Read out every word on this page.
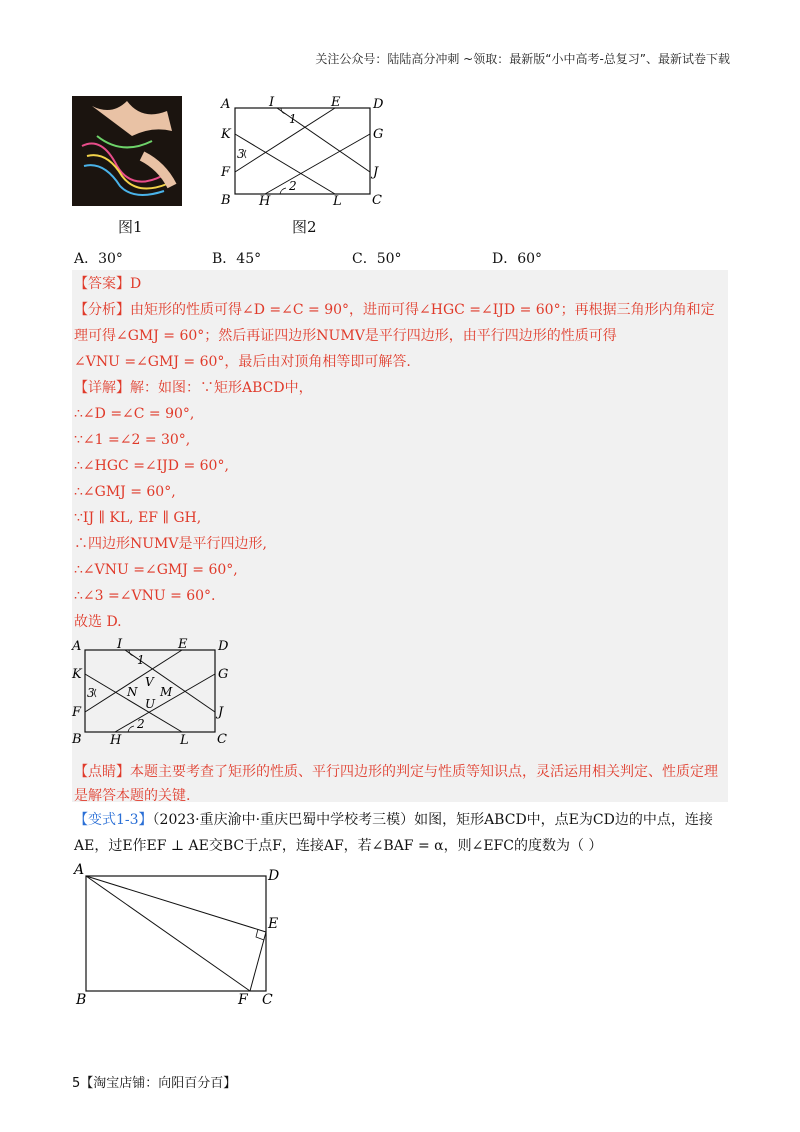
关注公众号：陆陆高分冲刺 ~领取：最新版“小中高考-总复习”、最新试卷下载
图1
A	I	E	D
K	G
F	J
B H	L C
1
2
3
图2
A．30°	B．45°	C．50°	D．60°
【答案】D
【分析】由矩形的性质可得∠D =∠C = 90°，进而可得∠HGC =∠IJD = 60°；再根据三角形内角和定
理可得∠GMJ = 60°；然后再证四边形NUMV是平行四边形，由平行四边形的性质可得
∠VNU =∠GMJ = 60°，最后由对顶角相等即可解答.
【详解】解：如图：∵矩形ABCD中，
∴∠D =∠C = 90°,
∵∠1 =∠2 = 30°,
∴∠HGC =∠IJD = 60°,
∴∠GMJ = 60°,
∵IJ ∥ KL, EF ∥ GH,
∴四边形NUMV是平行四边形,
∴∠VNU =∠GMJ = 60°,
∴∠3 =∠VNU = 60°.
故选 D.
A	I	E D
K	G
F	J
B H	L C
1
2
3	N
V
M
U
【点睛】本题主要考查了矩形的性质、平行四边形的判定与性质等知识点，灵活运用相关判定、性质定理
是解答本题的关键.
【变式1-3】（2023·重庆渝中·重庆巴蜀中学校考三模）如图，矩形ABCD中，点E为CD边的中点，连接
AE，过E作EF ⊥ AE交BC于点F，连接AF，若∠BAF = α，则∠EFC的度数为（ ）
A	D
E
B	F C
5【淘宝店铺：向阳百分百】
